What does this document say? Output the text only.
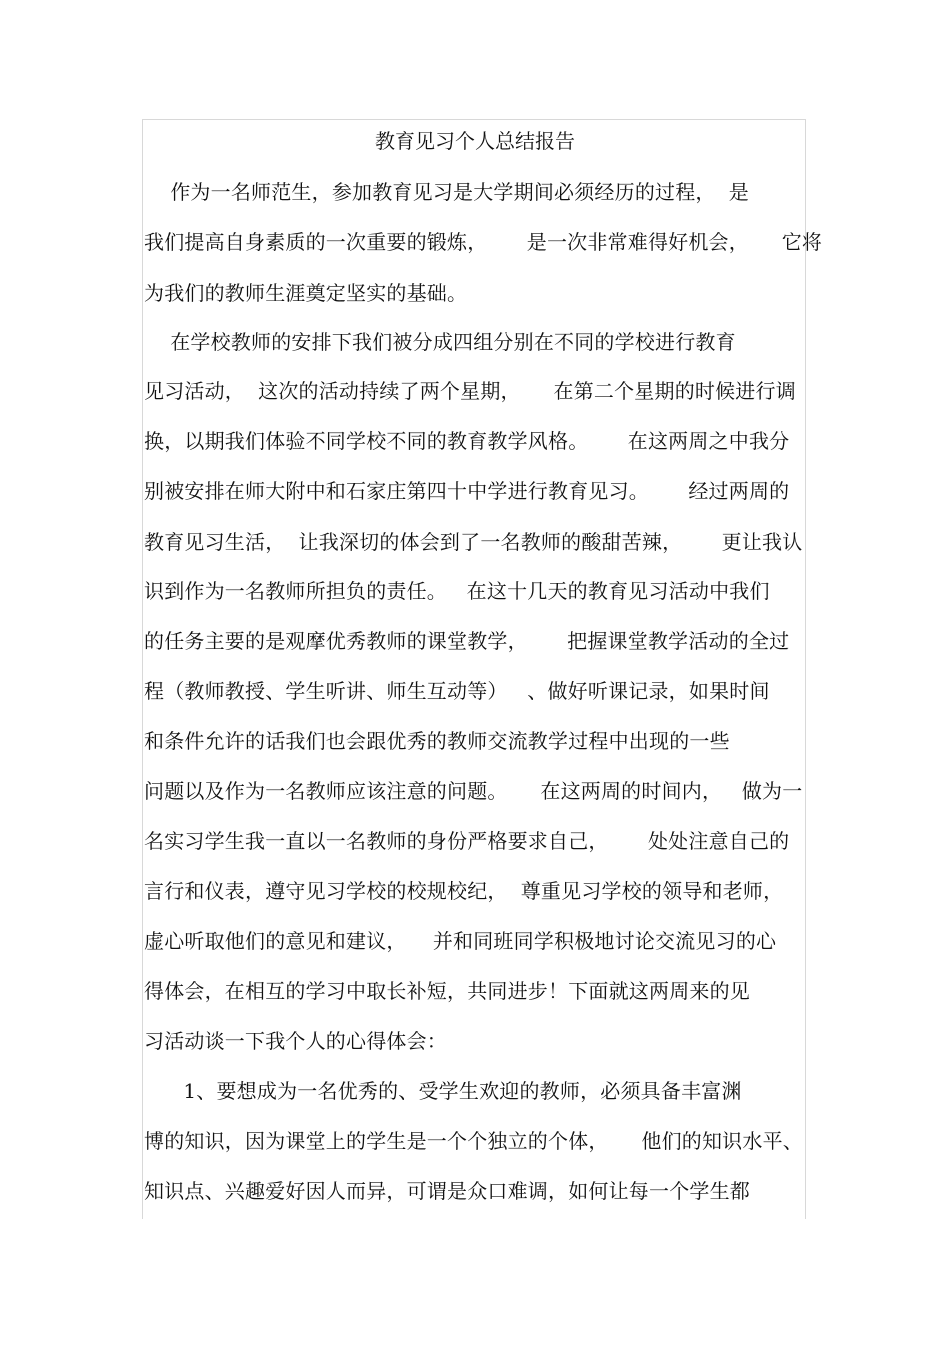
教育见习个人总结报告
作为一名师范生，参加教育见习是大学期间必须经历的过程，  是
我们提高自身素质的一次重要的锻炼，      是一次非常难得好机会，     它将
为我们的教师生涯奠定坚实的基础。
在学校教师的安排下我们被分成四组分别在不同的学校进行教育
见习活动，  这次的活动持续了两个星期，     在第二个星期的时候进行调
换，以期我们体验不同学校不同的教育教学风格。      在这两周之中我分
别被安排在师大附中和石家庄第四十中学进行教育见习。      经过两周的
教育见习生活，  让我深切的体会到了一名教师的酸甜苦辣，      更让我认
识到作为一名教师所担负的责任。   在这十几天的教育见习活动中我们
的任务主要的是观摩优秀教师的课堂教学，      把握课堂教学活动的全过
程（教师教授、学生听讲、师生互动等）   、做好听课记录，如果时间
和条件允许的话我们也会跟优秀的教师交流教学过程中出现的一些
问题以及作为一名教师应该注意的问题。     在这两周的时间内，   做为一
名实习学生我一直以一名教师的身份严格要求自己，      处处注意自己的
言行和仪表，遵守见习学校的校规校纪，  尊重见习学校的领导和老师，
虚心听取他们的意见和建议，    并和同班同学积极地讨论交流见习的心
得体会，在相互的学习中取长补短，共同进步！下面就这两周来的见
习活动谈一下我个人的心得体会：
1、要想成为一名优秀的、受学生欢迎的教师，必须具备丰富渊
博的知识，因为课堂上的学生是一个个独立的个体，     他们的知识水平、
知识点、兴趣爱好因人而异，可谓是众口难调，如何让每一个学生都
